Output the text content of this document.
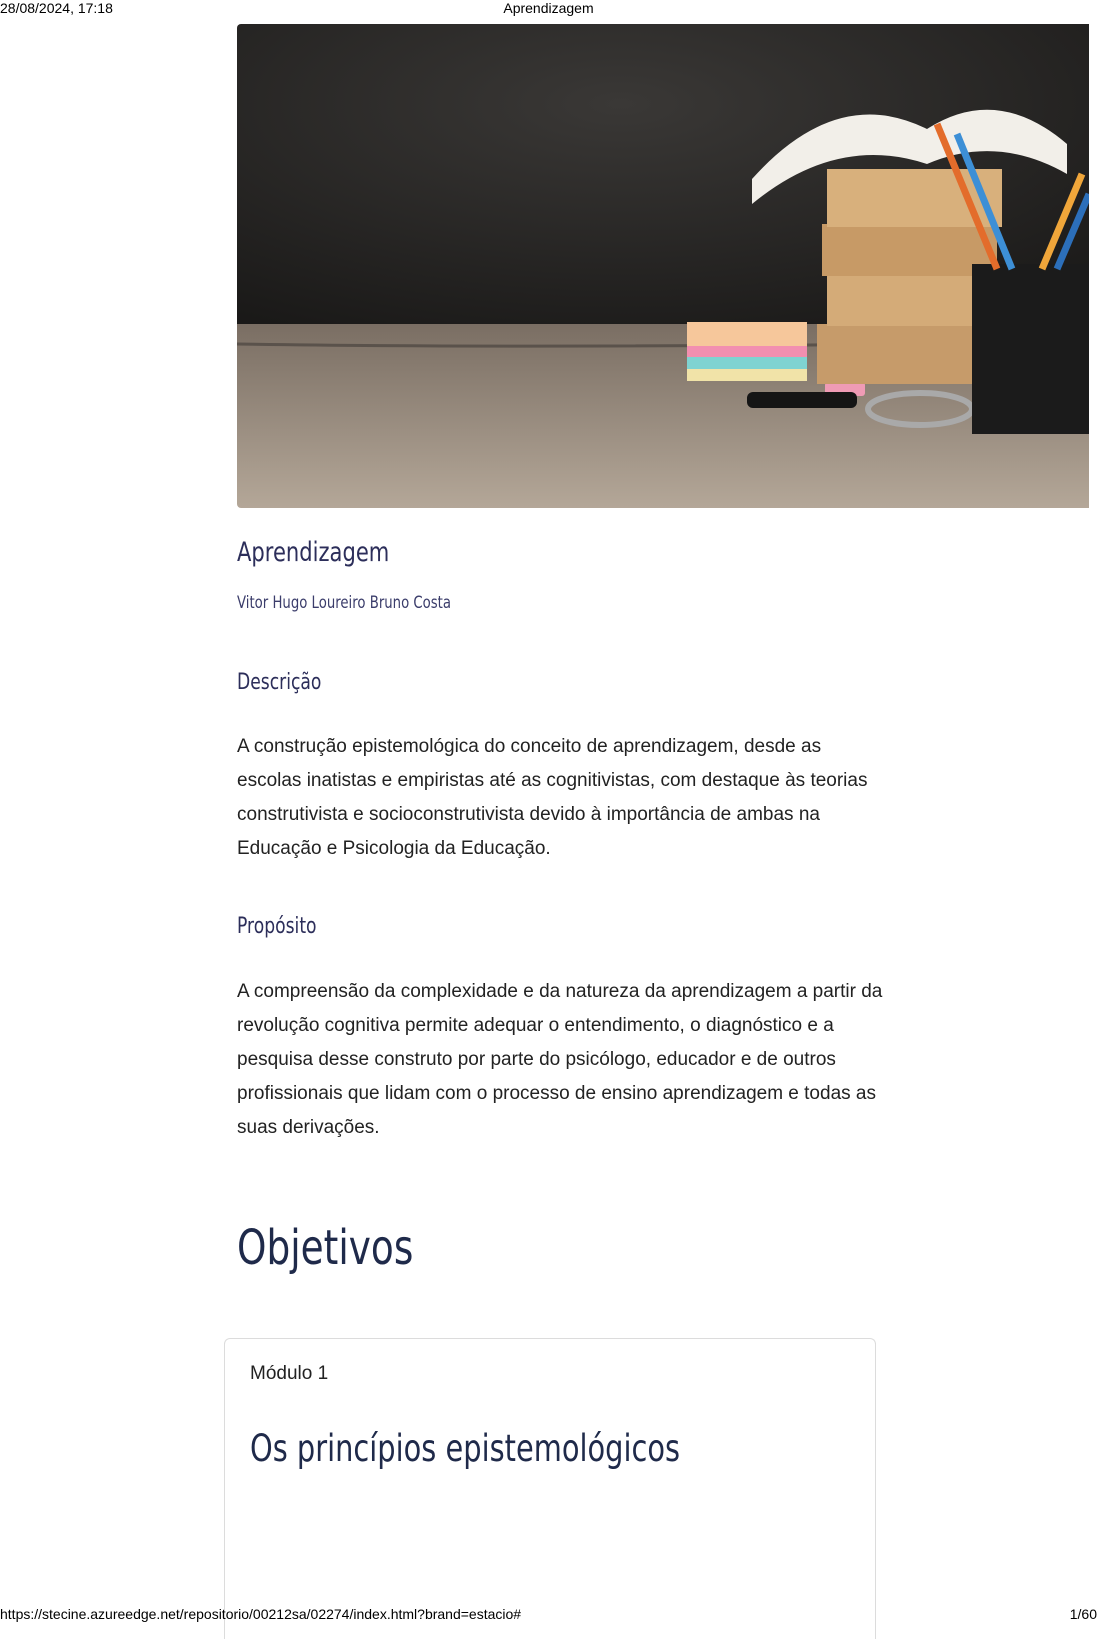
28/08/2024, 17:18	Aprendizagem
Aprendizagem
Vitor Hugo Loureiro Bruno Costa
Descrição
A construção epistemológica do conceito de aprendizagem, desde as escolas inatistas e empiristas até as cognitivistas, com destaque às teorias construtivista e socioconstrutivista devido à importância de ambas na Educação e Psicologia da Educação.
Propósito
A compreensão da complexidade e da natureza da aprendizagem a partir da revolução cognitiva permite adequar o entendimento, o diagnóstico e a pesquisa desse construto por parte do psicólogo, educador e de outros profissionais que lidam com o processo de ensino aprendizagem e todas as suas derivações.
Objetivos
Módulo 1
Os princípios epistemológicos
https://stecine.azureedge.net/repositorio/00212sa/02274/index.html?brand=estacio#	1/60
